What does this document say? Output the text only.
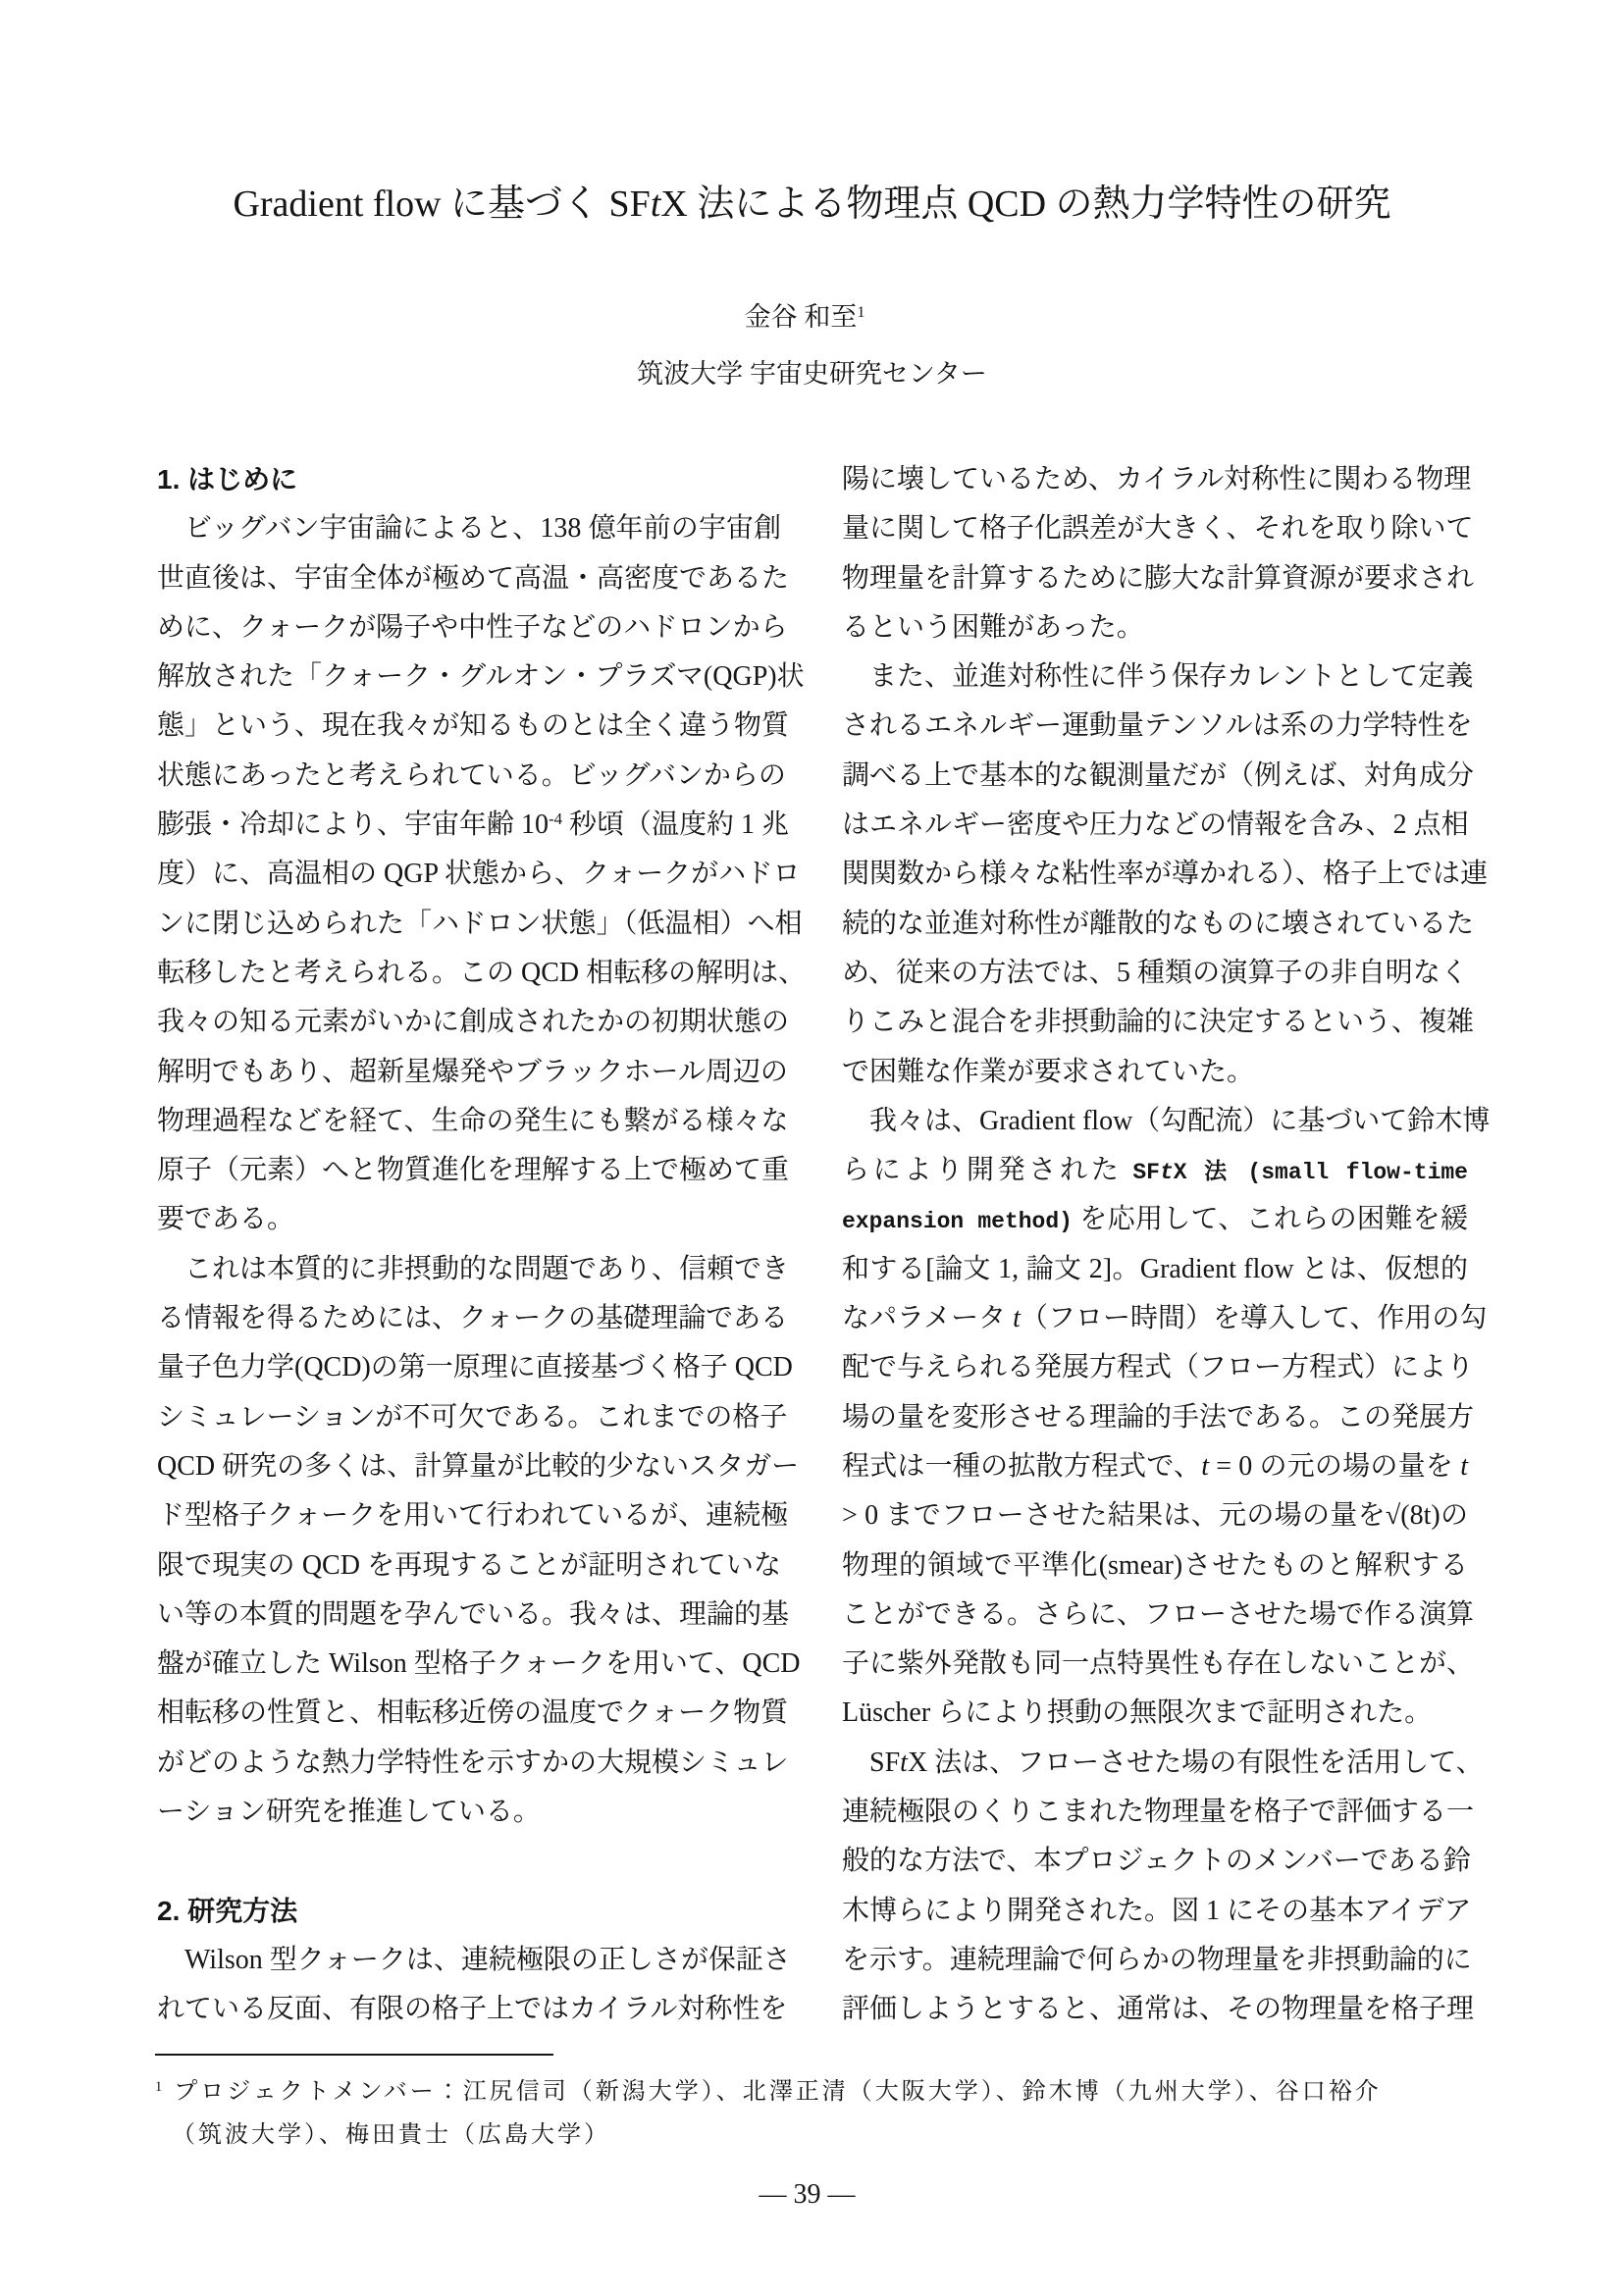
Gradient flow に基づく SFtX 法による物理点 QCD の熱力学特性の研究
金谷 和至$^1$
筑波大学 宇宙史研究センター
1. はじめに
ビッグバン宇宙論によると、138 億年前の宇宙創
世直後は、宇宙全体が極めて高温・高密度であるた
めに、クォークが陽子や中性子などのハドロンから
解放された「クォーク・グルオン・プラズマ(QGP)状
態」という、現在我々が知るものとは全く違う物質
状態にあったと考えられている。ビッグバンからの
膨張・冷却により、宇宙年齢 $10^{-4}$ 秒頃（温度約 1 兆
度）に、高温相の QGP 状態から、クォークがハドロ
ンに閉じ込められた「ハドロン状態」（低温相）へ相
転移したと考えられる。この QCD 相転移の解明は、
我々の知る元素がいかに創成されたかの初期状態の
解明でもあり、超新星爆発やブラックホール周辺の
物理過程などを経て、生命の発生にも繋がる様々な
原子（元素）へと物質進化を理解する上で極めて重
要である。
これは本質的に非摂動的な問題であり、信頼でき
る情報を得るためには、クォークの基礎理論である
量子色力学(QCD)の第一原理に直接基づく格子 QCD
シミュレーションが不可欠である。これまでの格子
QCD 研究の多くは、計算量が比較的少ないスタガー
ド型格子クォークを用いて行われているが、連続極
限で現実の QCD を再現することが証明されていな
い等の本質的問題を孕んでいる。我々は、理論的基
盤が確立した Wilson 型格子クォークを用いて、QCD
相転移の性質と、相転移近傍の温度でクォーク物質
がどのような熱力学特性を示すかの大規模シミュレ
ーション研究を推進している。
2. 研究方法
Wilson 型クォークは、連続極限の正しさが保証さ
れている反面、有限の格子上ではカイラル対称性を
陽に壊しているため、カイラル対称性に関わる物理
量に関して格子化誤差が大きく、それを取り除いて
物理量を計算するために膨大な計算資源が要求され
るという困難があった。
また、並進対称性に伴う保存カレントとして定義
されるエネルギー運動量テンソルは系の力学特性を
調べる上で基本的な観測量だが（例えば、対角成分
はエネルギー密度や圧力などの情報を含み、2 点相
関関数から様々な粘性率が導かれる）、格子上では連
続的な並進対称性が離散的なものに壊されているた
め、従来の方法では、5 種類の演算子の非自明なく
りこみと混合を非摂動論的に決定するという、複雑
で困難な作業が要求されていた。
我々は、Gradient flow（勾配流）に基づいて鈴木博
らにより開発された SFtX 法 (small flow-time
expansion method) を応用して、これらの困難を緩
和する[論文 1, 論文 2]。Gradient flow とは、仮想的
なパラメータ t（フロー時間）を導入して、作用の勾
配で与えられる発展方程式（フロー方程式）により
場の量を変形させる理論的手法である。この発展方
程式は一種の拡散方程式で、t = 0 の元の場の量を t
> 0 までフローさせた結果は、元の場の量を√(8t)の
物理的領域で平準化(smear)させたものと解釈する
ことができる。さらに、フローさせた場で作る演算
子に紫外発散も同一点特異性も存在しないことが、
Lüscher らにより摂動の無限次まで証明された。
SFtX 法は、フローさせた場の有限性を活用して、
連続極限のくりこまれた物理量を格子で評価する一
般的な方法で、本プロジェクトのメンバーである鈴
木博らにより開発された。図 1 にその基本アイデア
を示す。連続理論で何らかの物理量を非摂動論的に
評価しようとすると、通常は、その物理量を格子理
$^1$ プロジェクトメンバー：江尻信司（新潟大学）、北澤正清（大阪大学）、鈴木博（九州大学）、谷口裕介
（筑波大学）、梅田貴士（広島大学）
— 39 —
